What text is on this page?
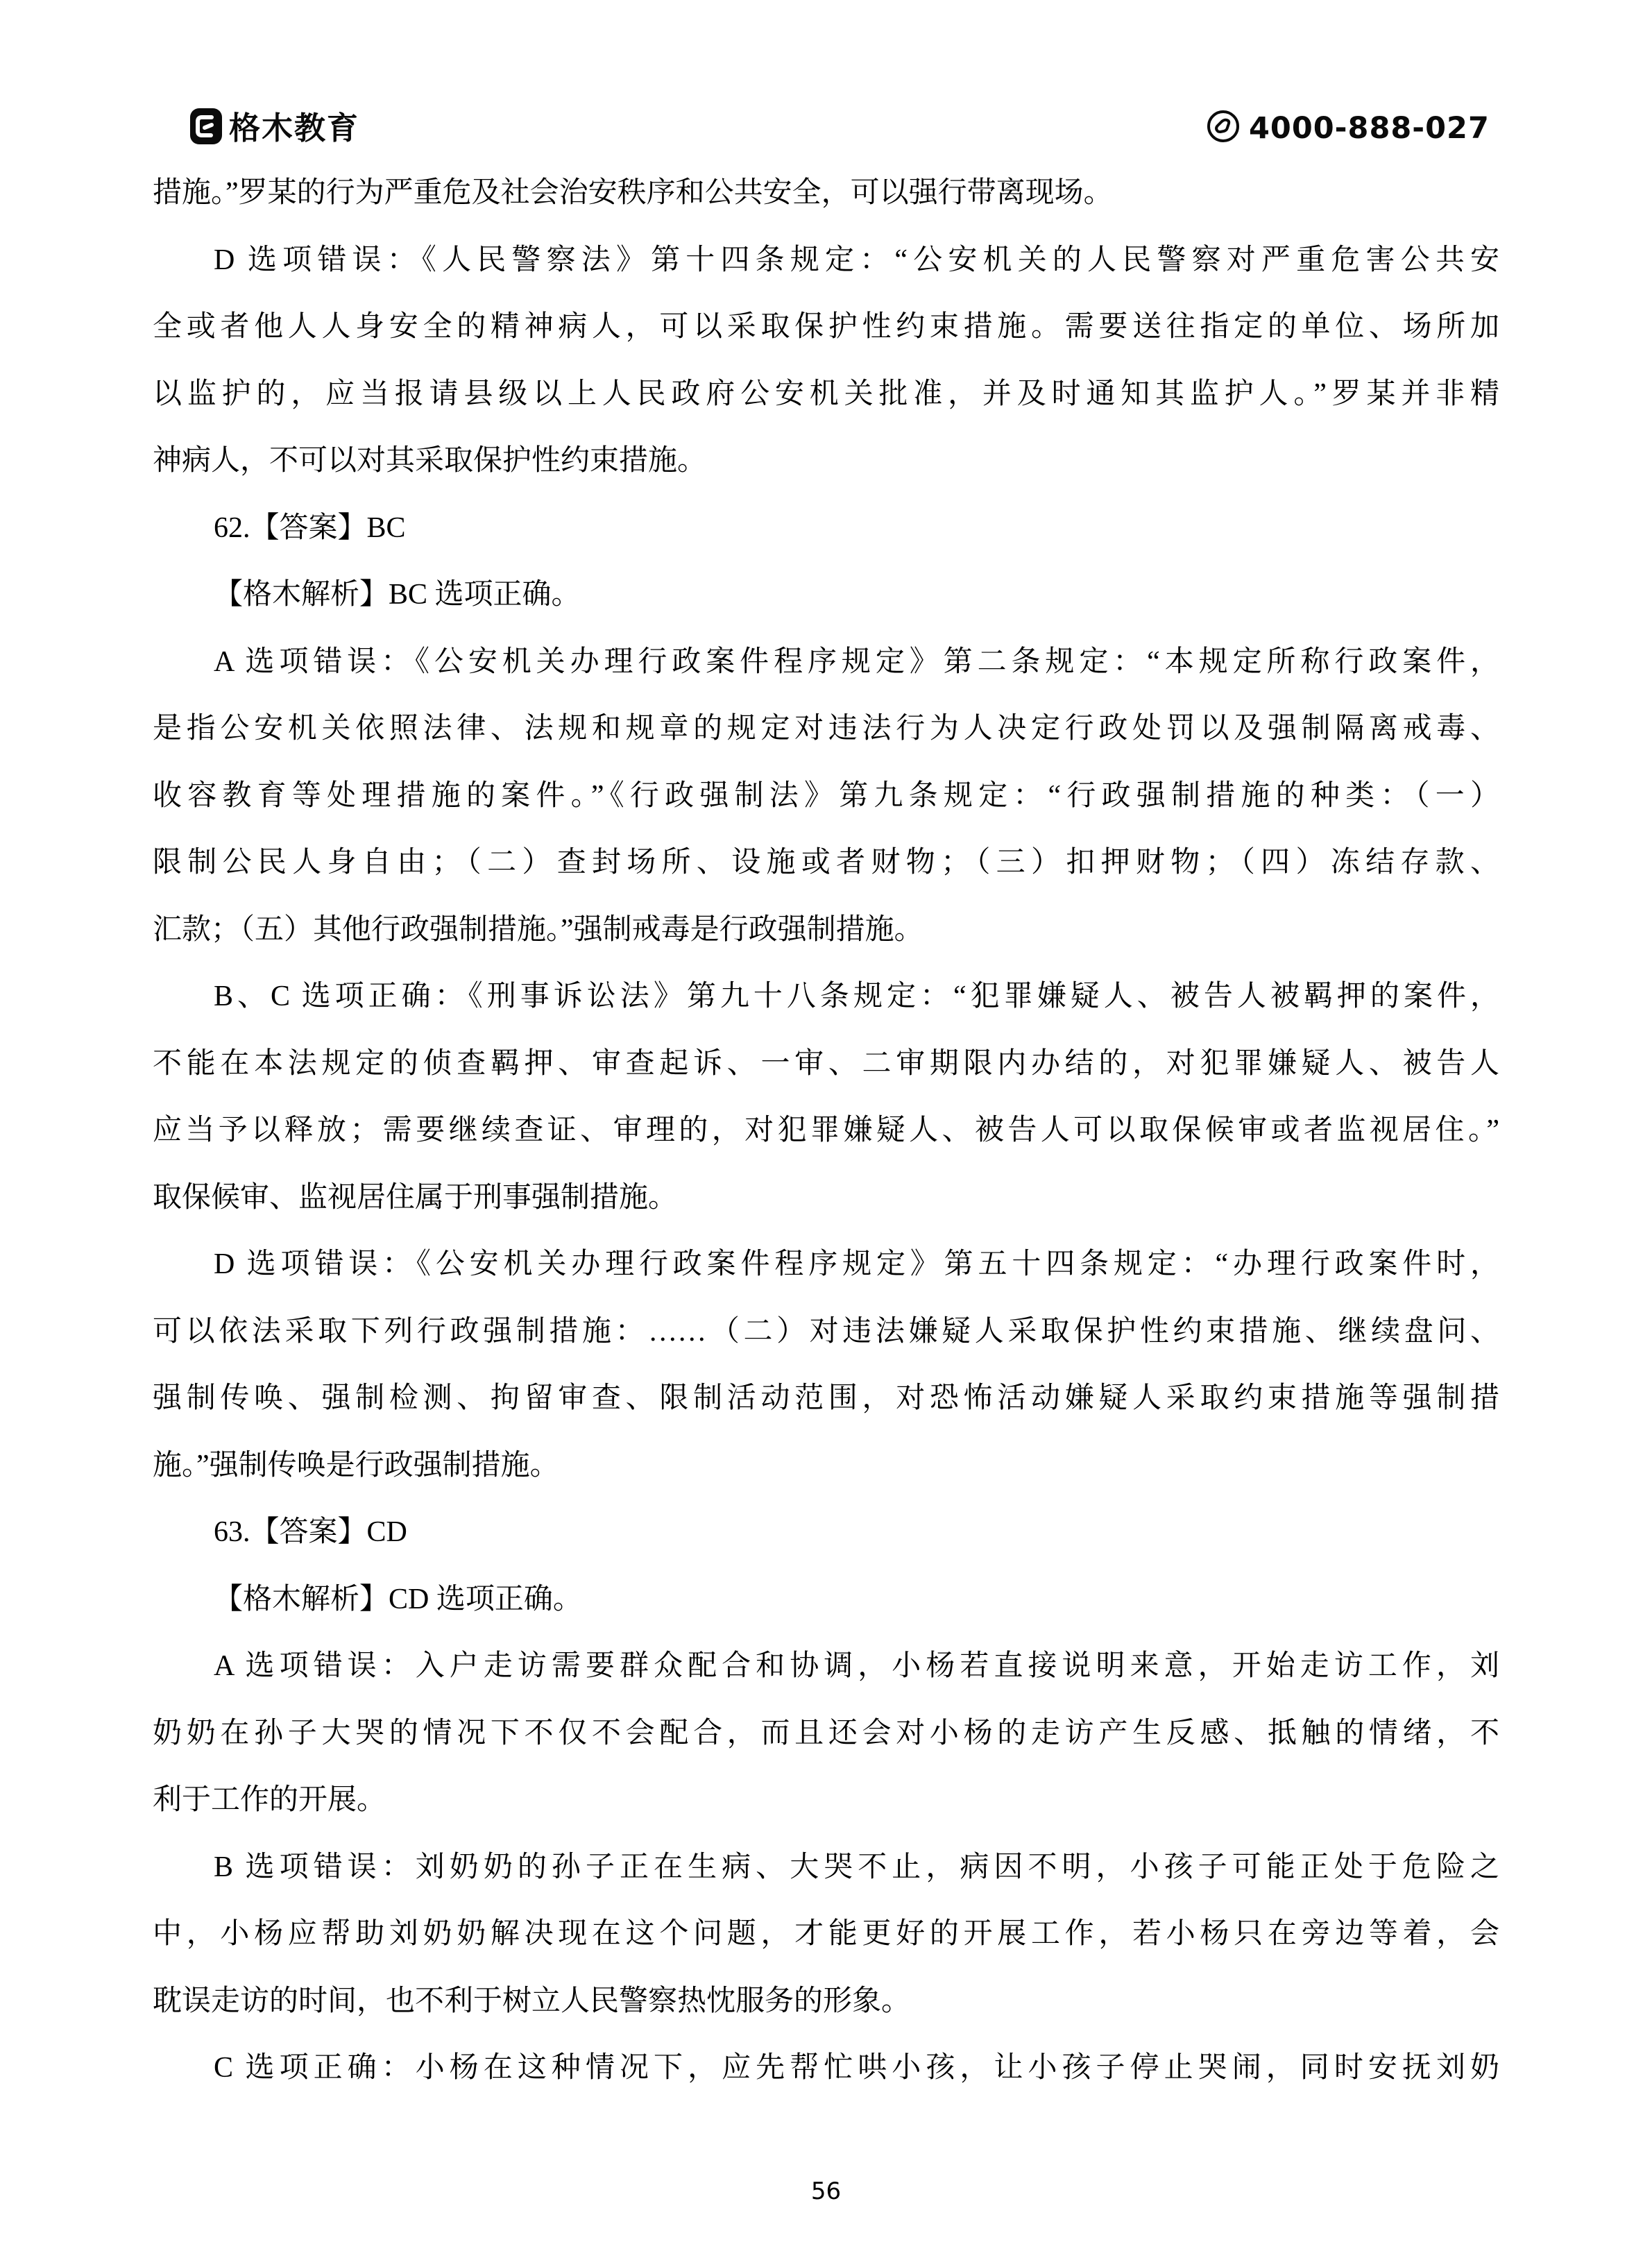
格木教育	4000-888-027
措施。”罗某的行为严重危及社会治安秩序和公共安全，可以强行带离现场。
D 选项错误：《人民警察法》第十四条规定：“公安机关的人民警察对严重危害公共安
全或者他人人身安全的精神病人，可以采取保护性约束措施。需要送往指定的单位、场所加
以监护的，应当报请县级以上人民政府公安机关批准，并及时通知其监护人。”罗某并非精
神病人，不可以对其采取保护性约束措施。
62.【答案】BC
【格木解析】BC 选项正确。
A 选项错误：《公安机关办理行政案件程序规定》第二条规定：“本规定所称行政案件，
是指公安机关依照法律、法规和规章的规定对违法行为人决定行政处罚以及强制隔离戒毒、
收容教育等处理措施的案件。”《行政强制法》第九条规定：“行政强制措施的种类：（一）
限制公民人身自由；（二）查封场所、设施或者财物；（三）扣押财物；（四）冻结存款、
汇款；（五）其他行政强制措施。”强制戒毒是行政强制措施。
B、C 选项正确：《刑事诉讼法》第九十八条规定：“犯罪嫌疑人、被告人被羁押的案件，
不能在本法规定的侦查羁押、审查起诉、一审、二审期限内办结的，对犯罪嫌疑人、被告人
应当予以释放；需要继续查证、审理的，对犯罪嫌疑人、被告人可以取保候审或者监视居住。”
取保候审、监视居住属于刑事强制措施。
D 选项错误：《公安机关办理行政案件程序规定》第五十四条规定：“办理行政案件时，
可以依法采取下列行政强制措施：……（二）对违法嫌疑人采取保护性约束措施、继续盘问、
强制传唤、强制检测、拘留审查、限制活动范围，对恐怖活动嫌疑人采取约束措施等强制措
施。”强制传唤是行政强制措施。
63.【答案】CD
【格木解析】CD 选项正确。
A 选项错误：入户走访需要群众配合和协调，小杨若直接说明来意，开始走访工作，刘
奶奶在孙子大哭的情况下不仅不会配合，而且还会对小杨的走访产生反感、抵触的情绪，不
利于工作的开展。
B 选项错误：刘奶奶的孙子正在生病、大哭不止，病因不明，小孩子可能正处于危险之
中，小杨应帮助刘奶奶解决现在这个问题，才能更好的开展工作，若小杨只在旁边等着，会
耽误走访的时间，也不利于树立人民警察热忱服务的形象。
C 选项正确：小杨在这种情况下，应先帮忙哄小孩，让小孩子停止哭闹，同时安抚刘奶
56
